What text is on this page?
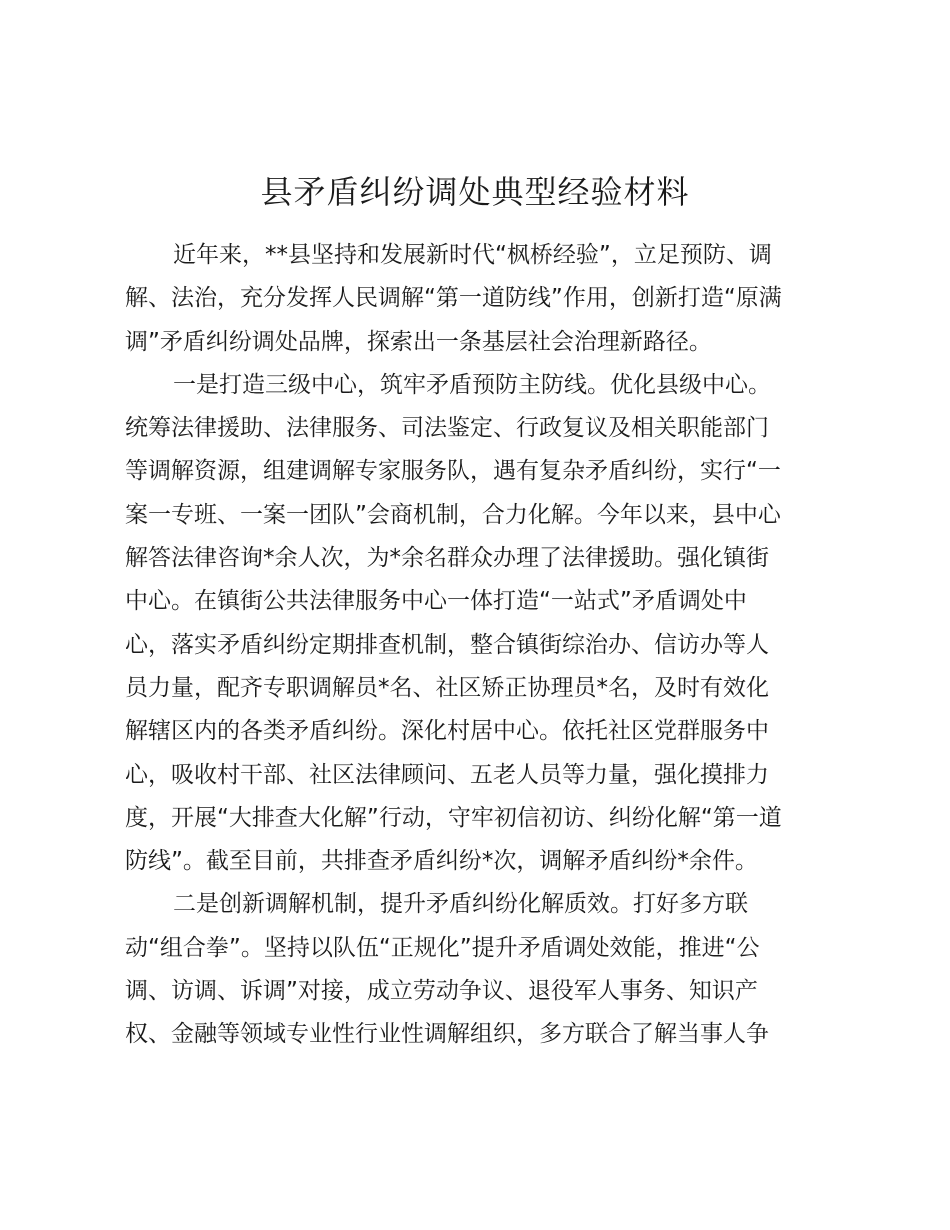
县矛盾纠纷调处典型经验材料
近年来，**县坚持和发展新时代“枫桥经验”，立足预防、调
解、法治，充分发挥人民调解“第一道防线”作用，创新打造“原满
调”矛盾纠纷调处品牌，探索出一条基层社会治理新路径。
一是打造三级中心，筑牢矛盾预防主防线。优化县级中心。
统筹法律援助、法律服务、司法鉴定、行政复议及相关职能部门
等调解资源，组建调解专家服务队，遇有复杂矛盾纠纷，实行“一
案一专班、一案一团队”会商机制，合力化解。今年以来，县中心
解答法律咨询*余人次，为*余名群众办理了法律援助。强化镇街
中心。在镇街公共法律服务中心一体打造“一站式”矛盾调处中
心，落实矛盾纠纷定期排查机制，整合镇街综治办、信访办等人
员力量，配齐专职调解员*名、社区矫正协理员*名，及时有效化
解辖区内的各类矛盾纠纷。深化村居中心。依托社区党群服务中
心，吸收村干部、社区法律顾问、五老人员等力量，强化摸排力
度，开展“大排查大化解”行动，守牢初信初访、纠纷化解“第一道
防线”。截至目前，共排查矛盾纠纷*次，调解矛盾纠纷*余件。
二是创新调解机制，提升矛盾纠纷化解质效。打好多方联
动“组合拳”。坚持以队伍“正规化”提升矛盾调处效能，推进“公
调、访调、诉调”对接，成立劳动争议、退役军人事务、知识产
权、金融等领域专业性行业性调解组织，多方联合了解当事人争
